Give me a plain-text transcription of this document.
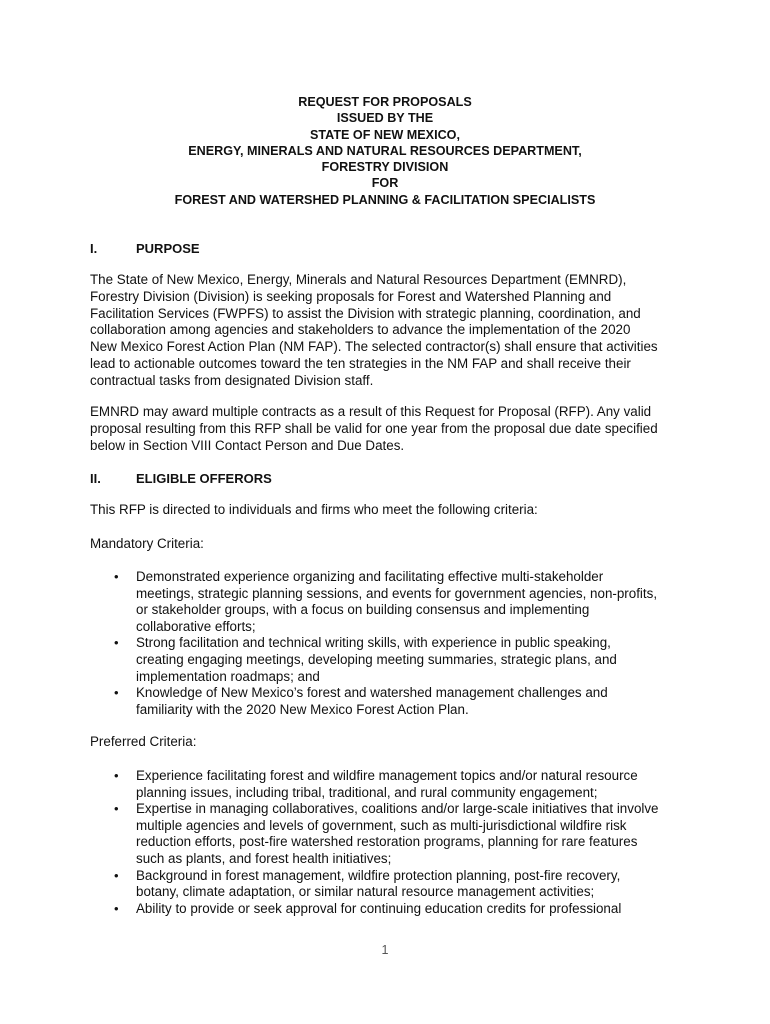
REQUEST FOR PROPOSALS
ISSUED BY THE
STATE OF NEW MEXICO,
ENERGY, MINERALS AND NATURAL RESOURCES DEPARTMENT,
FORESTRY DIVISION
FOR
FOREST AND WATERSHED PLANNING & FACILITATION SPECIALISTS
I.	PURPOSE

The State of New Mexico, Energy, Minerals and Natural Resources Department (EMNRD),
Forestry Division (Division) is seeking proposals for Forest and Watershed Planning and
Facilitation Services (FWPFS) to assist the Division with strategic planning, coordination, and
collaboration among agencies and stakeholders to advance the implementation of the 2020
New Mexico Forest Action Plan (NM FAP). The selected contractor(s) shall ensure that activities
lead to actionable outcomes toward the ten strategies in the NM FAP and shall receive their
contractual tasks from designated Division staff.

EMNRD may award multiple contracts as a result of this Request for Proposal (RFP). Any valid
proposal resulting from this RFP shall be valid for one year from the proposal due date specified
below in Section VIII Contact Person and Due Dates.

II.	ELIGIBLE OFFERORS

This RFP is directed to individuals and firms who meet the following criteria:

Mandatory Criteria:

• Demonstrated experience organizing and facilitating effective multi-stakeholder
meetings, strategic planning sessions, and events for government agencies, non-profits,
or stakeholder groups, with a focus on building consensus and implementing
collaborative efforts;
• Strong facilitation and technical writing skills, with experience in public speaking,
creating engaging meetings, developing meeting summaries, strategic plans, and
implementation roadmaps; and
• Knowledge of New Mexico’s forest and watershed management challenges and
familiarity with the 2020 New Mexico Forest Action Plan.

Preferred Criteria:

• Experience facilitating forest and wildfire management topics and/or natural resource
planning issues, including tribal, traditional, and rural community engagement;
• Expertise in managing collaboratives, coalitions and/or large-scale initiatives that involve
multiple agencies and levels of government, such as multi-jurisdictional wildfire risk
reduction efforts, post-fire watershed restoration programs, planning for rare features
such as plants, and forest health initiatives;
• Background in forest management, wildfire protection planning, post-fire recovery,
botany, climate adaptation, or similar natural resource management activities;
• Ability to provide or seek approval for continuing education credits for professional
1
